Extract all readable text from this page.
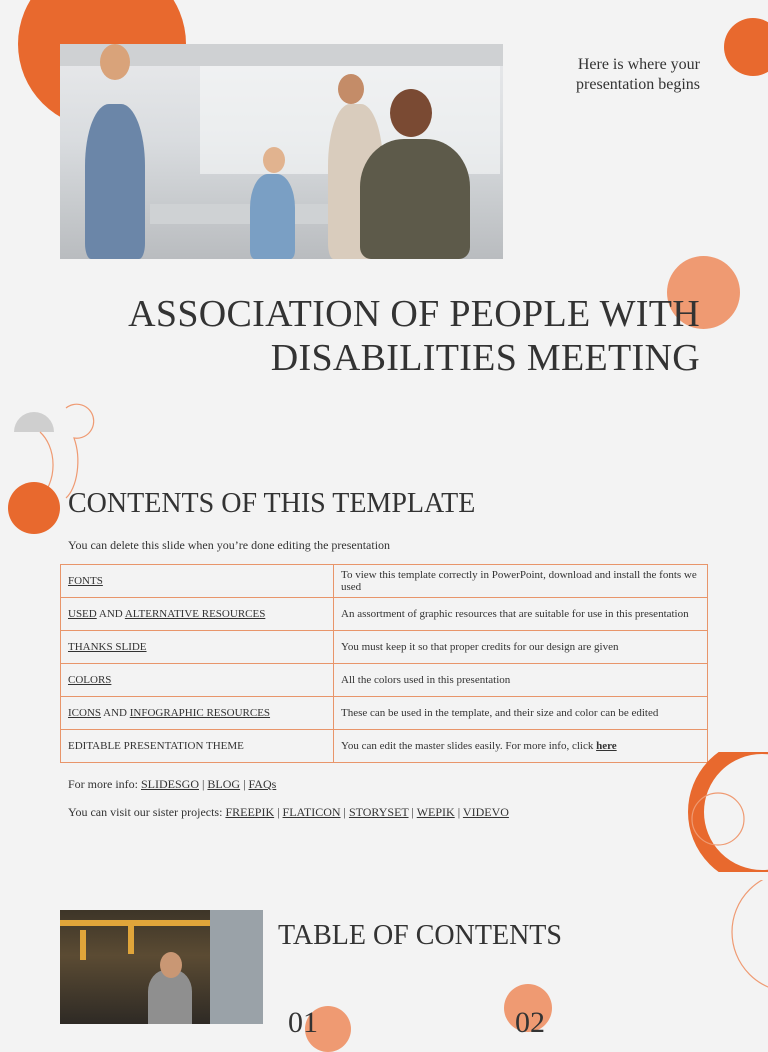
Here is where your
presentation begins
ASSOCIATION OF PEOPLE WITH
DISABILITIES MEETING
CONTENTS OF THIS TEMPLATE
You can delete this slide when you’re done editing the presentation
FONTS	To view this template correctly in PowerPoint, download and install the fonts we used
USED AND ALTERNATIVE RESOURCES	An assortment of graphic resources that are suitable for use in this presentation
THANKS SLIDE	You must keep it so that proper credits for our design are given
COLORS	All the colors used in this presentation
ICONS AND INFOGRAPHIC RESOURCES	These can be used in the template, and their size and color can be edited
EDITABLE PRESENTATION THEME	You can edit the master slides easily. For more info, click here
For more info: SLIDESGO | BLOG | FAQs
You can visit our sister projects: FREEPIK | FLATICON | STORYSET | WEPIK | VIDEVO
TABLE OF CONTENTS
01	02
